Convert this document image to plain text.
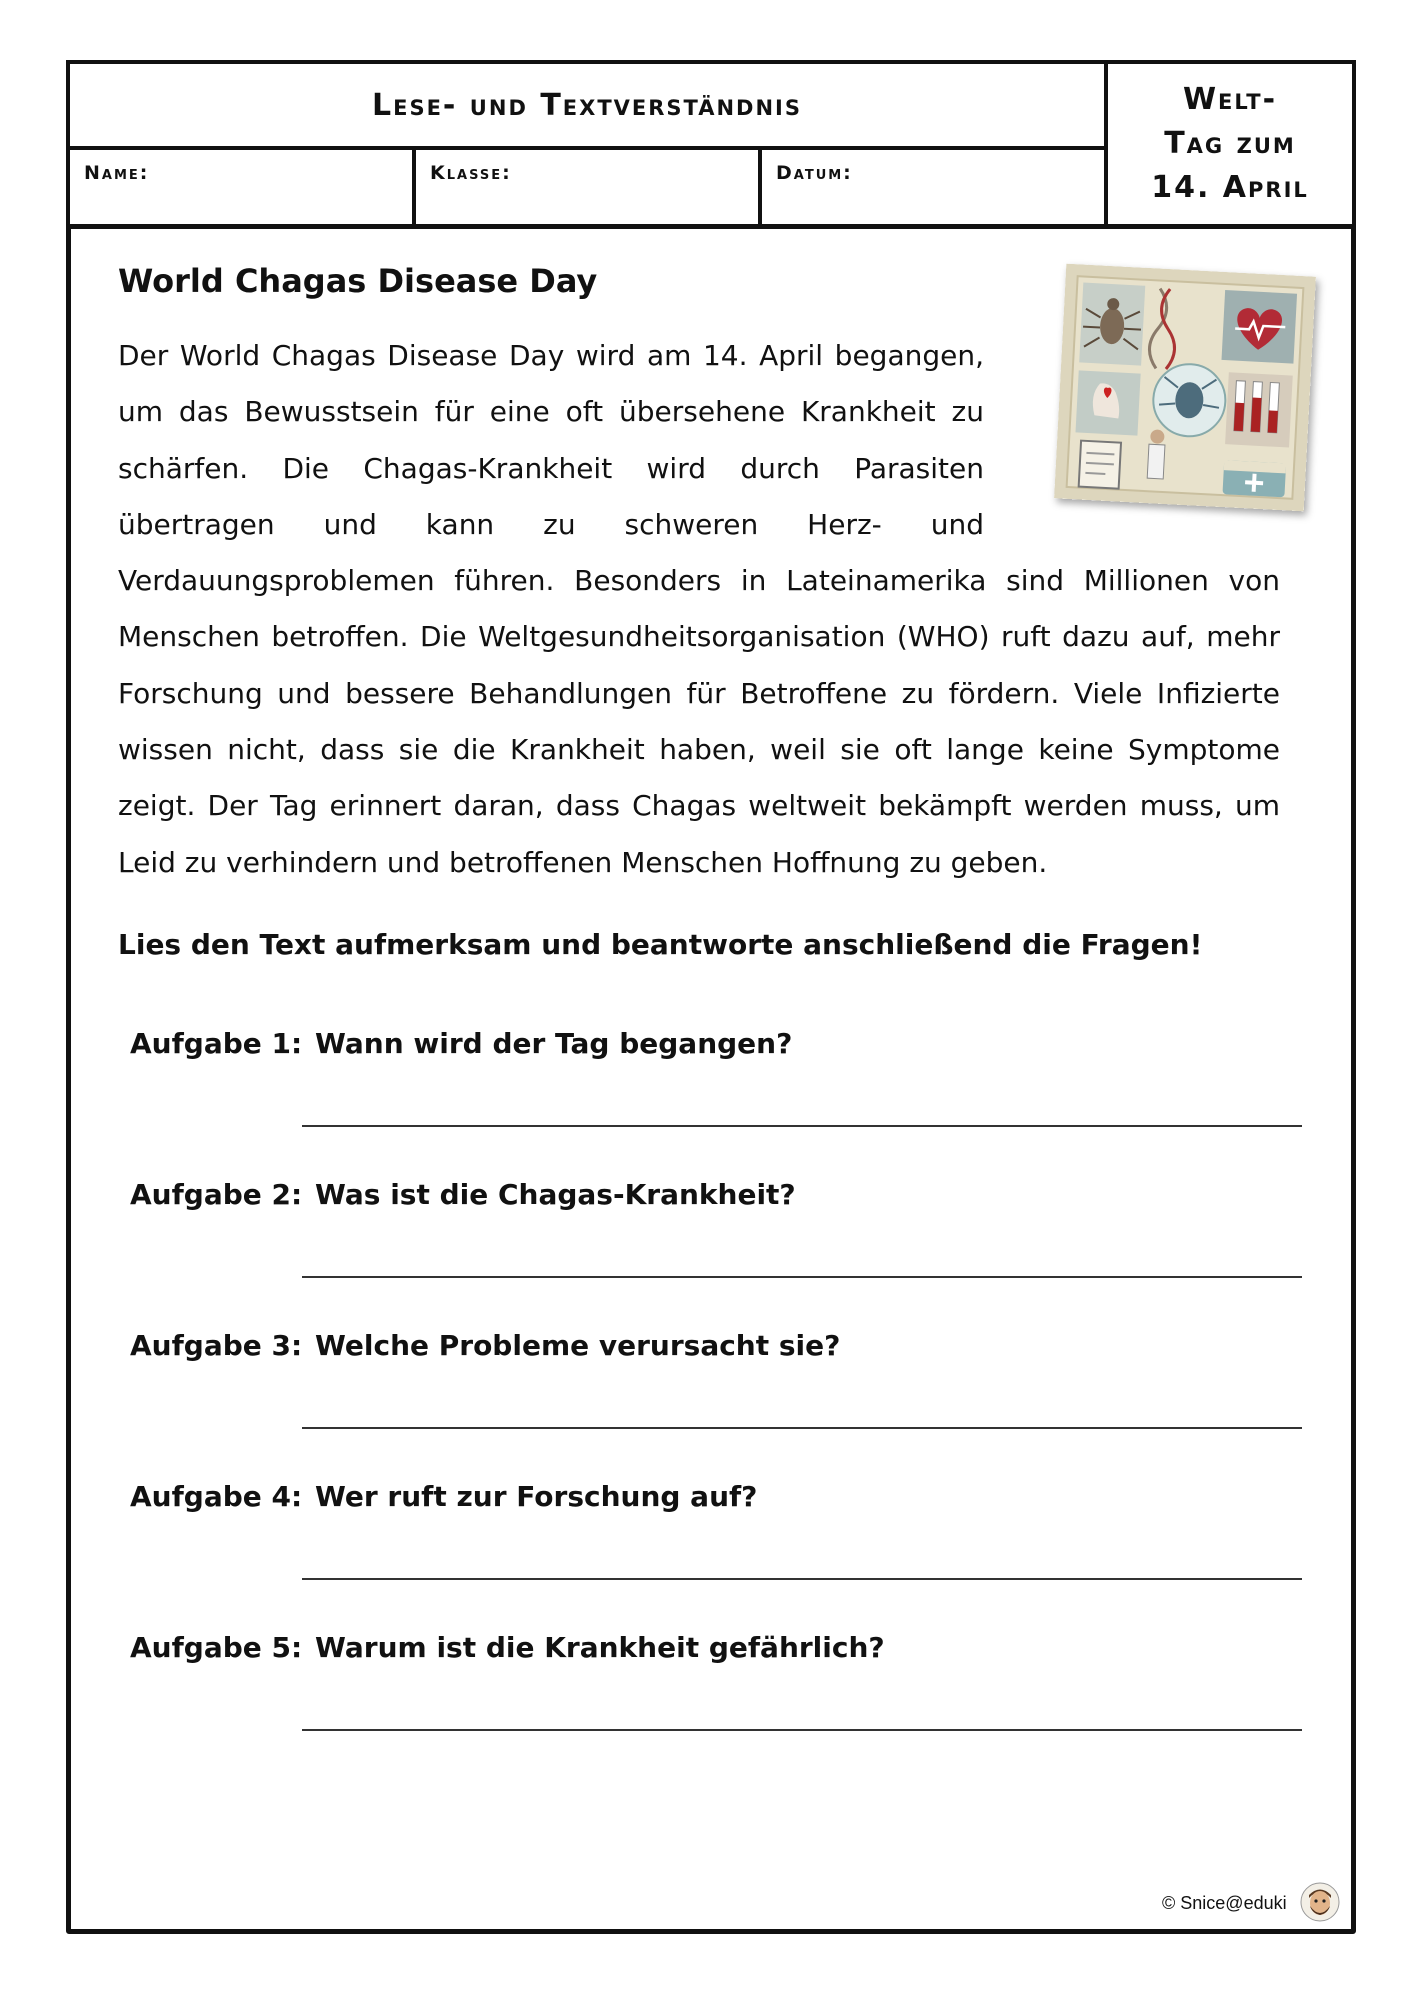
Lese- und Textverständnis
Name:	Klasse:	Datum:
Welt-
Tag zum
14. April
World Chagas Disease Day

Der World Chagas Disease Day wird am 14. April begangen, um das Bewusstsein für eine oft übersehene Krankheit zu schärfen. Die Chagas-Krankheit wird durch Parasiten übertragen und kann zu schweren Herz- und Verdauungsproblemen führen. Besonders in Lateinamerika sind Millionen von Menschen betroffen. Die Weltgesundheitsorganisation (WHO) ruft dazu auf, mehr Forschung und bessere Behandlungen für Betroffene zu fördern. Viele Infizierte wissen nicht, dass sie die Krankheit haben, weil sie oft lange keine Symptome zeigt. Der Tag erinnert daran, dass Chagas weltweit bekämpft werden muss, um Leid zu verhindern und betroffenen Menschen Hoffnung zu geben.

Lies den Text aufmerksam und beantworte anschließend die Fragen!
Aufgabe 1: Wann wird der Tag begangen?
Aufgabe 2: Was ist die Chagas-Krankheit?
Aufgabe 3: Welche Probleme verursacht sie?
Aufgabe 4: Wer ruft zur Forschung auf?
Aufgabe 5: Warum ist die Krankheit gefährlich?
© Snice@eduki
